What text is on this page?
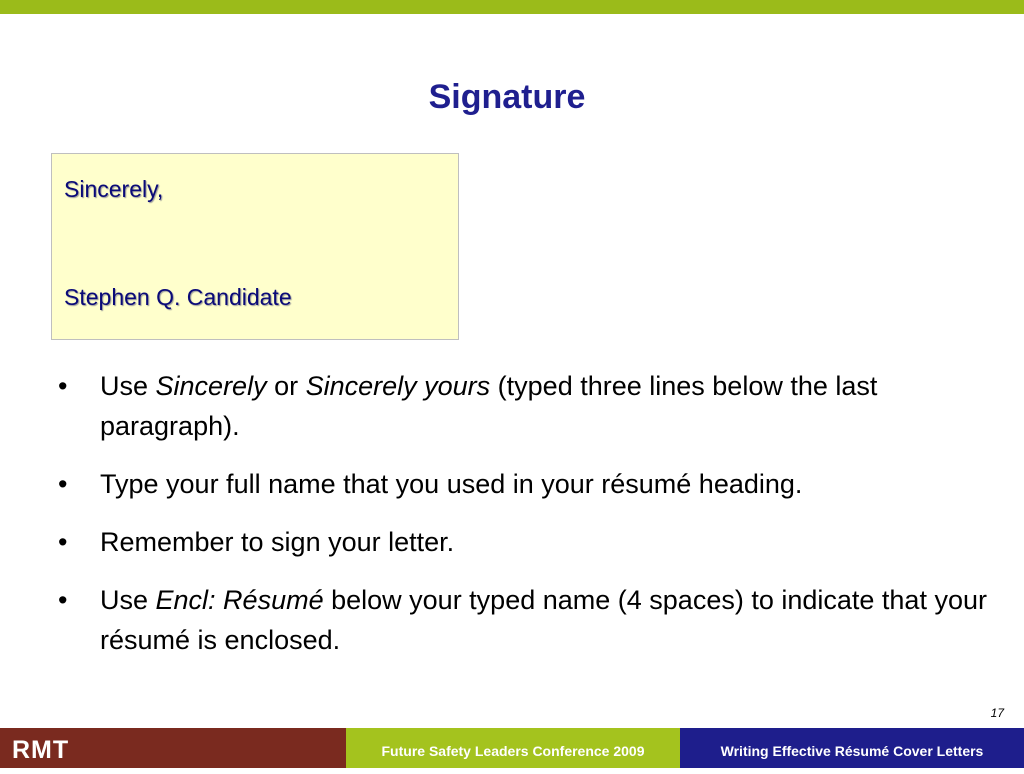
Signature
Sincerely,
Stephen Q. Candidate
• Use Sincerely or Sincerely yours (typed three lines below the last paragraph).
• Type your full name that you used in your résumé heading.
• Remember to sign your letter.
• Use Encl: Résumé below your typed name (4 spaces) to indicate that your résumé is enclosed.
17
RMT	Future Safety Leaders Conference 2009	Writing Effective Résumé Cover Letters
